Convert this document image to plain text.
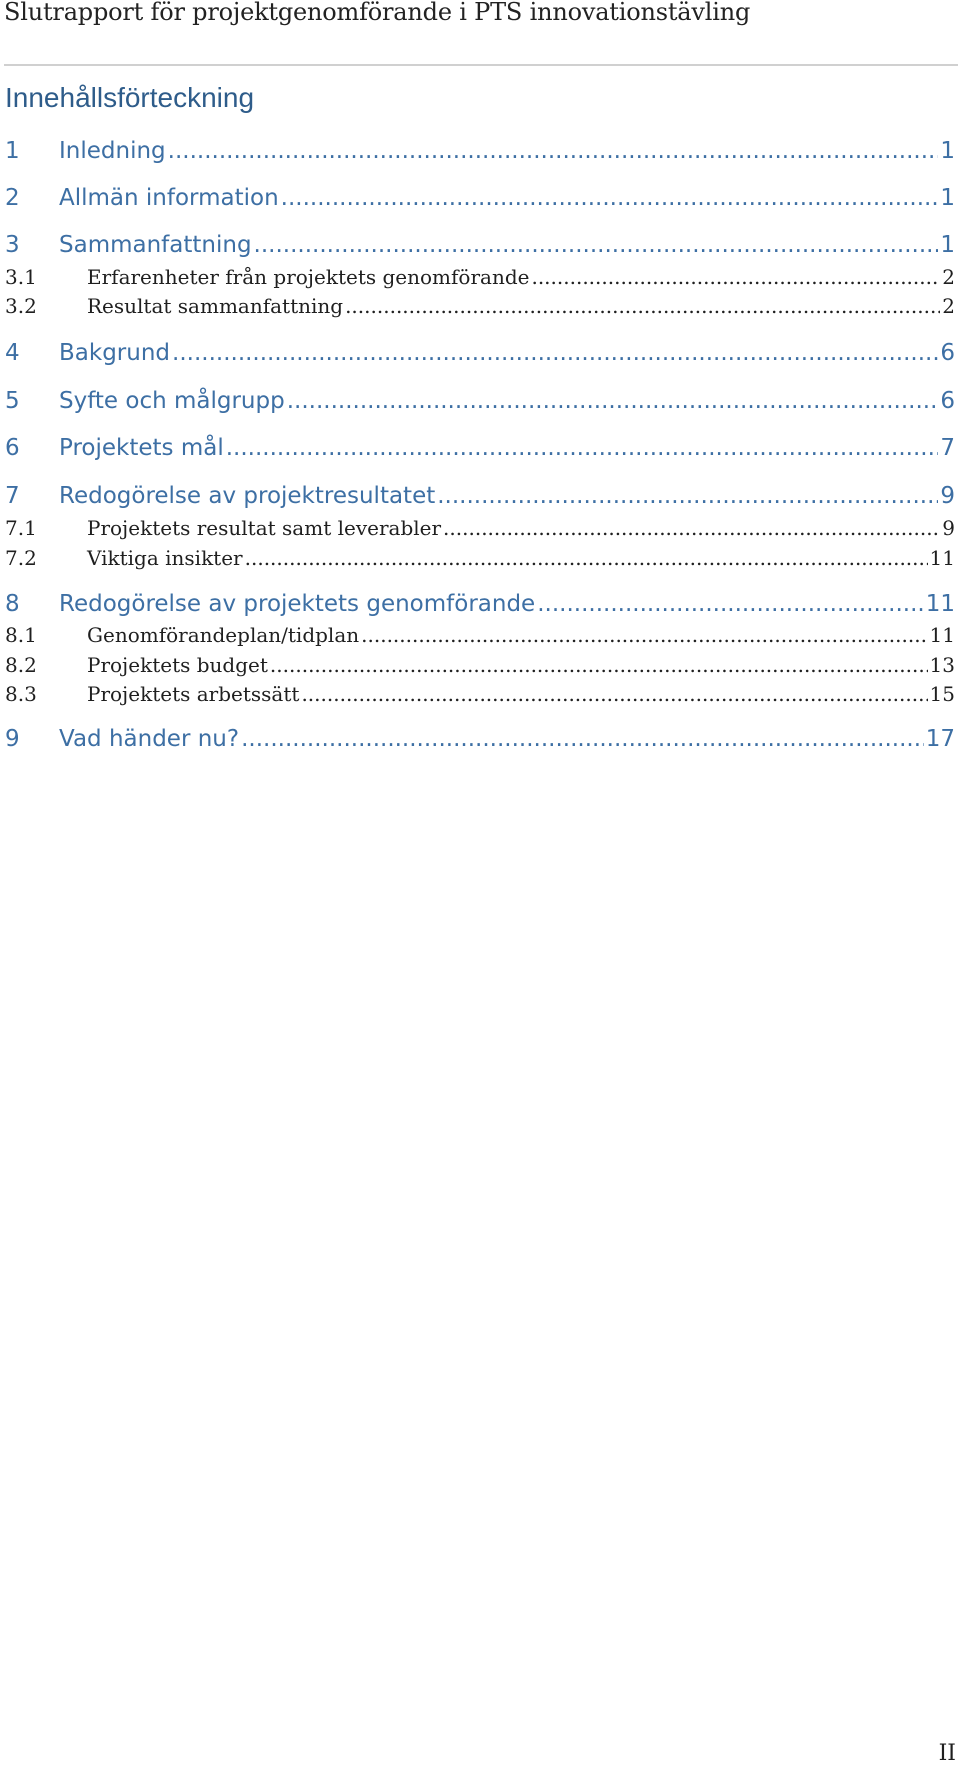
Slutrapport för projektgenomförande i PTS innovationstävling
Innehållsförteckning
1	Inledning .....	1
2	Allmän information .....	1
3	Sammanfattning .....	1
3.1	Erfarenheter från projektets genomförande .....	2
3.2	Resultat sammanfattning .....	2
4	Bakgrund .....	6
5	Syfte och målgrupp .....	6
6	Projektets mål .....	7
7	Redogörelse av projektresultatet .....	9
7.1	Projektets resultat samt leverabler .....	9
7.2	Viktiga insikter .....	11
8	Redogörelse av projektets genomförande .....	11
8.1	Genomförandeplan/tidplan .....	11
8.2	Projektets budget .....	13
8.3	Projektets arbetssätt .....	15
9	Vad händer nu? .....	17
II
